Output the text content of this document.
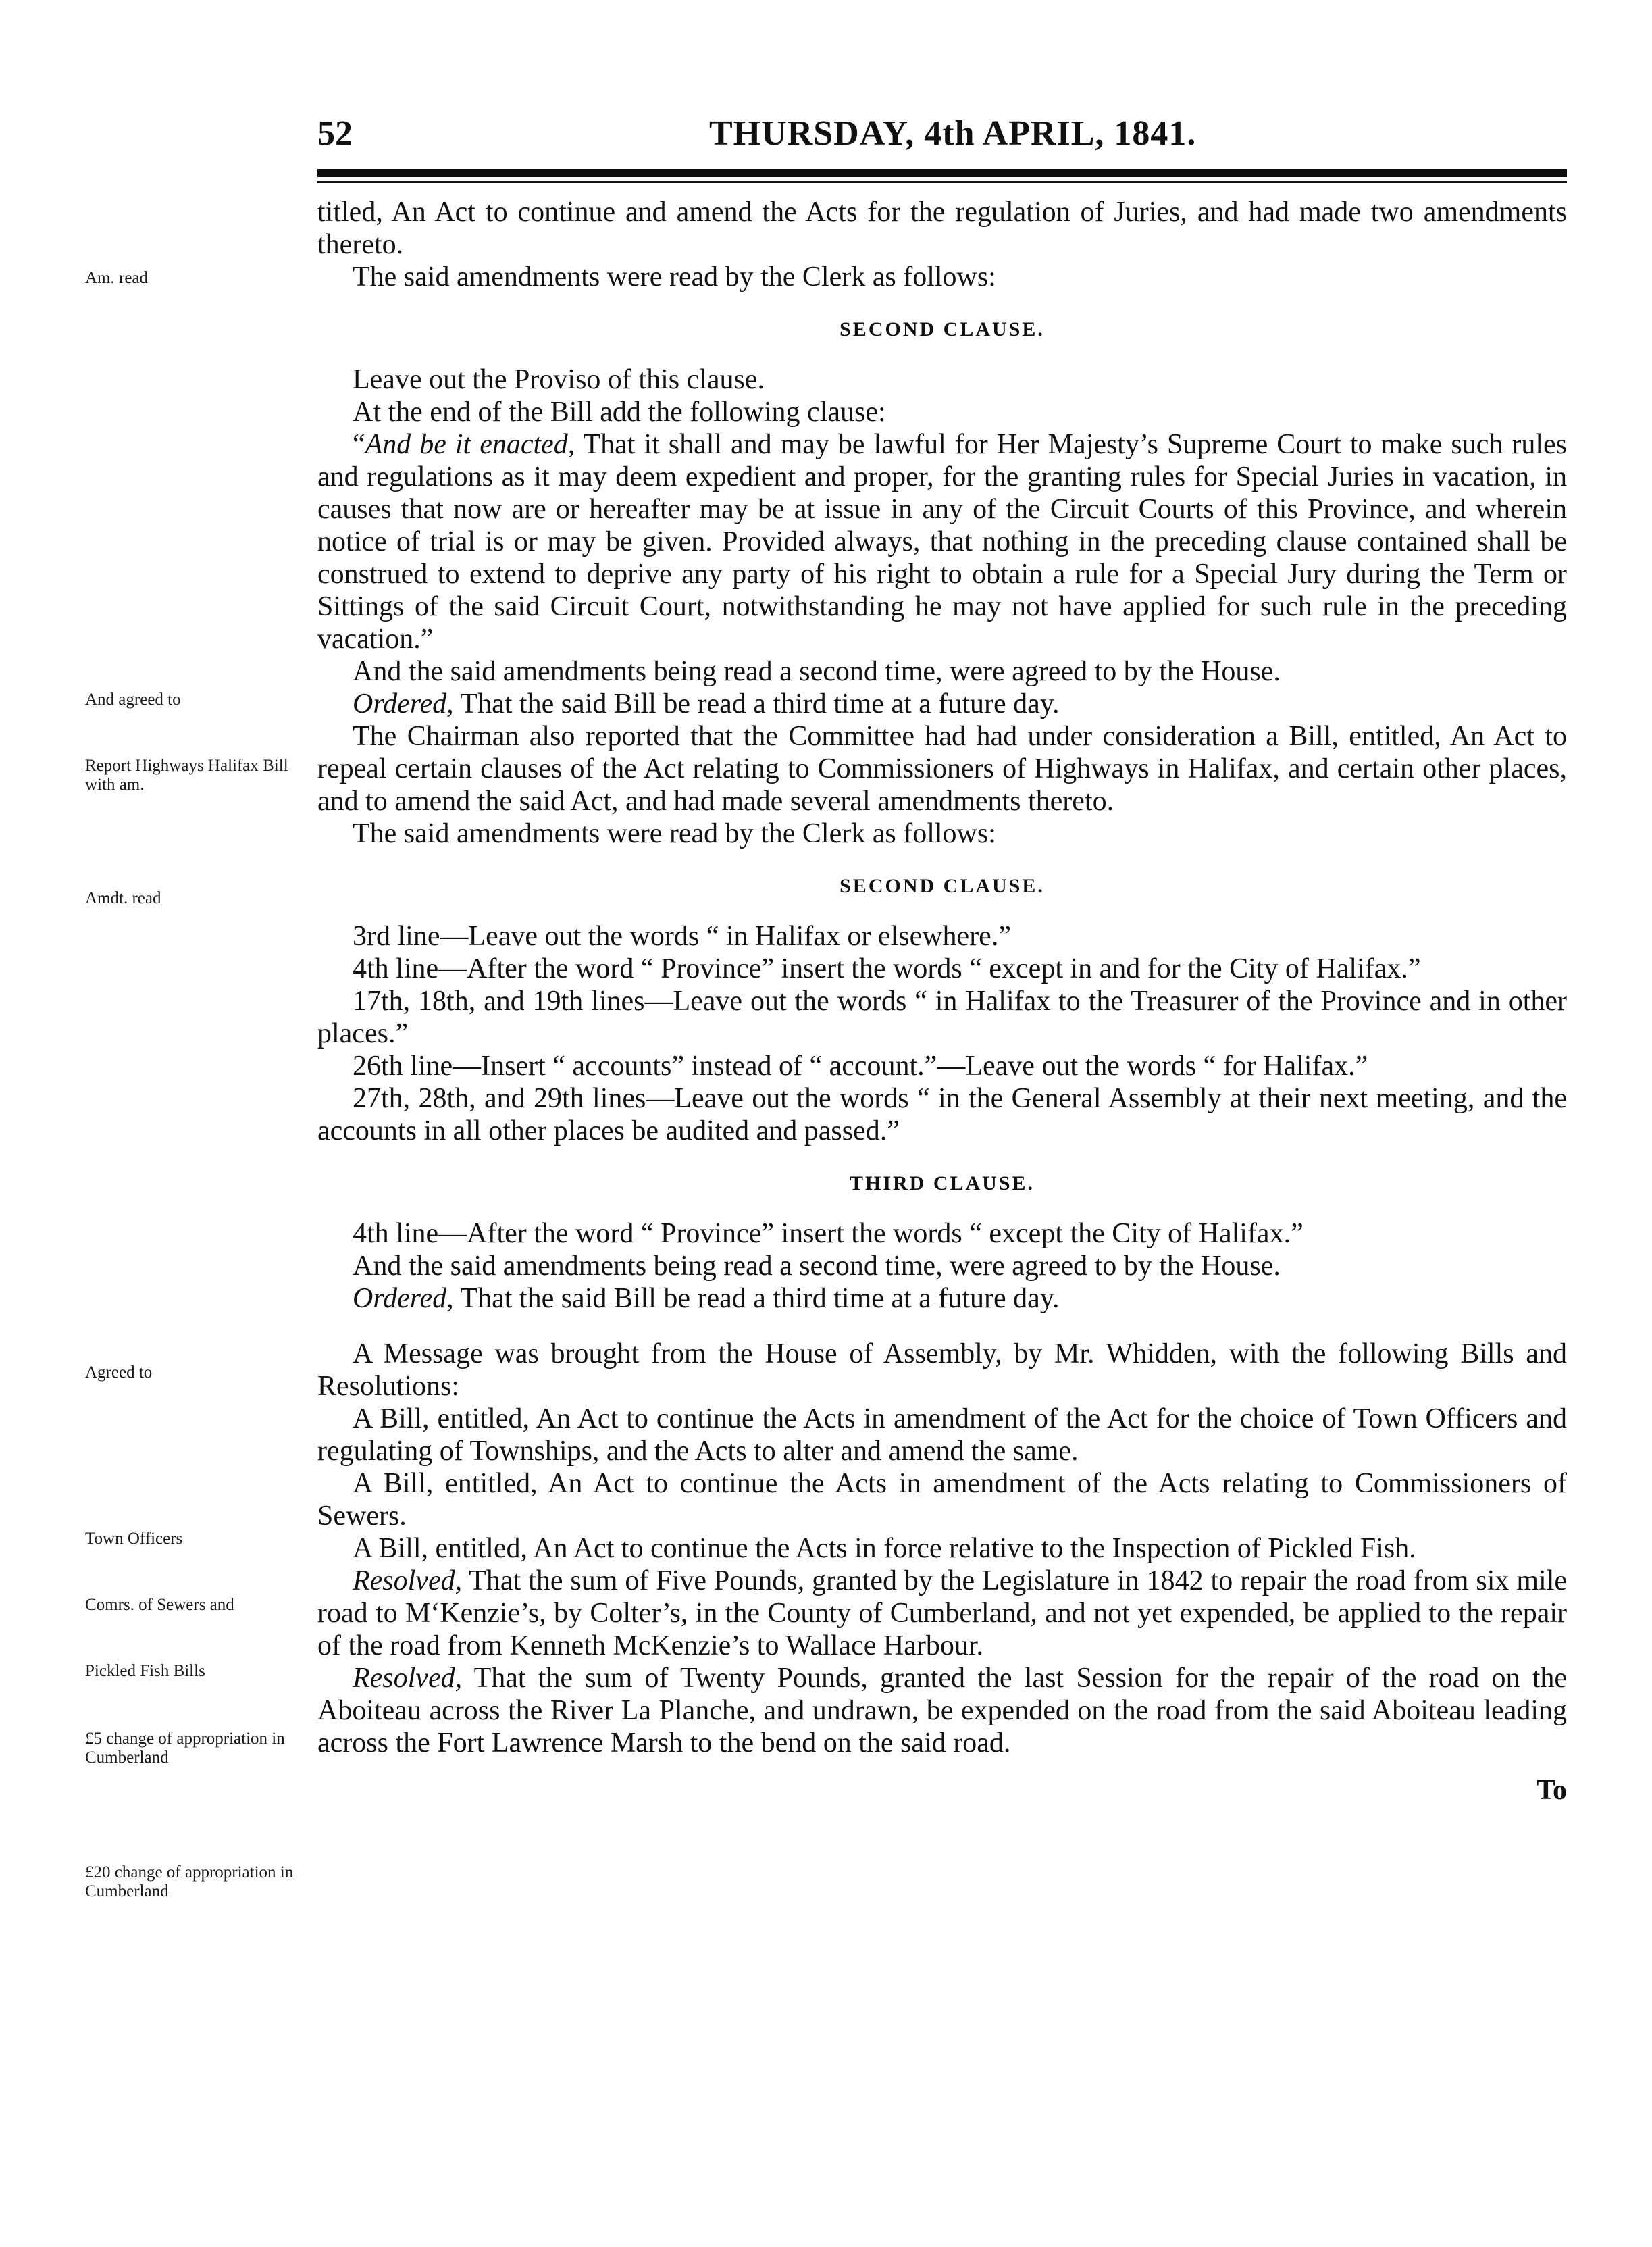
52	THURSDAY, 4th APRIL, 1841.
Am. read
And agreed to
Report Highways Halifax Bill with am.
Amdt. read
Agreed to
Town Officers
Comrs. of Sewers and
Pickled Fish Bills
£5 change of appropriation in Cumberland
£20 change of appropriation in Cumberland

titled, An Act to continue and amend the Acts for the regulation of Juries, and had made two amendments thereto.

The said amendments were read by the Clerk as follows:

SECOND CLAUSE.

Leave out the Proviso of this clause.

At the end of the Bill add the following clause:

“And be it enacted, That it shall and may be lawful for Her Majesty’s Supreme Court to make such rules and regulations as it may deem expedient and proper, for the granting rules for Special Juries in vacation, in causes that now are or hereafter may be at issue in any of the Circuit Courts of this Province, and wherein notice of trial is or may be given. Provided always, that nothing in the preceding clause contained shall be construed to extend to deprive any party of his right to obtain a rule for a Special Jury during the Term or Sittings of the said Circuit Court, notwithstanding he may not have applied for such rule in the preceding vacation.”

And the said amendments being read a second time, were agreed to by the House.

Ordered, That the said Bill be read a third time at a future day.

The Chairman also reported that the Committee had had under consideration a Bill, entitled, An Act to repeal certain clauses of the Act relating to Commissioners of Highways in Halifax, and certain other places, and to amend the said Act, and had made several amendments thereto.

The said amendments were read by the Clerk as follows:

SECOND CLAUSE.

3rd line—Leave out the words “ in Halifax or elsewhere.”

4th line—After the word “ Province” insert the words “ except in and for the City of Halifax.”

17th, 18th, and 19th lines—Leave out the words “ in Halifax to the Treasurer of the Province and in other places.”

26th line—Insert “ accounts” instead of “ account.”—Leave out the words “ for Halifax.”

27th, 28th, and 29th lines—Leave out the words “ in the General Assembly at their next meeting, and the accounts in all other places be audited and passed.”

THIRD CLAUSE.

4th line—After the word “ Province” insert the words “ except the City of Halifax.”

And the said amendments being read a second time, were agreed to by the House.

Ordered, That the said Bill be read a third time at a future day.

A Message was brought from the House of Assembly, by Mr. Whidden, with the following Bills and Resolutions:

A Bill, entitled, An Act to continue the Acts in amendment of the Act for the choice of Town Officers and regulating of Townships, and the Acts to alter and amend the same.

A Bill, entitled, An Act to continue the Acts in amendment of the Acts relating to Commissioners of Sewers.

A Bill, entitled, An Act to continue the Acts in force relative to the Inspection of Pickled Fish.

Resolved, That the sum of Five Pounds, granted by the Legislature in 1842 to repair the road from six mile road to M‘Kenzie’s, by Colter’s, in the County of Cumberland, and not yet expended, be applied to the repair of the road from Kenneth McKenzie’s to Wallace Harbour.

Resolved, That the sum of Twenty Pounds, granted the last Session for the repair of the road on the Aboiteau across the River La Planche, and undrawn, be expended on the road from the said Aboiteau leading across the Fort Lawrence Marsh to the bend on the said road.

To
